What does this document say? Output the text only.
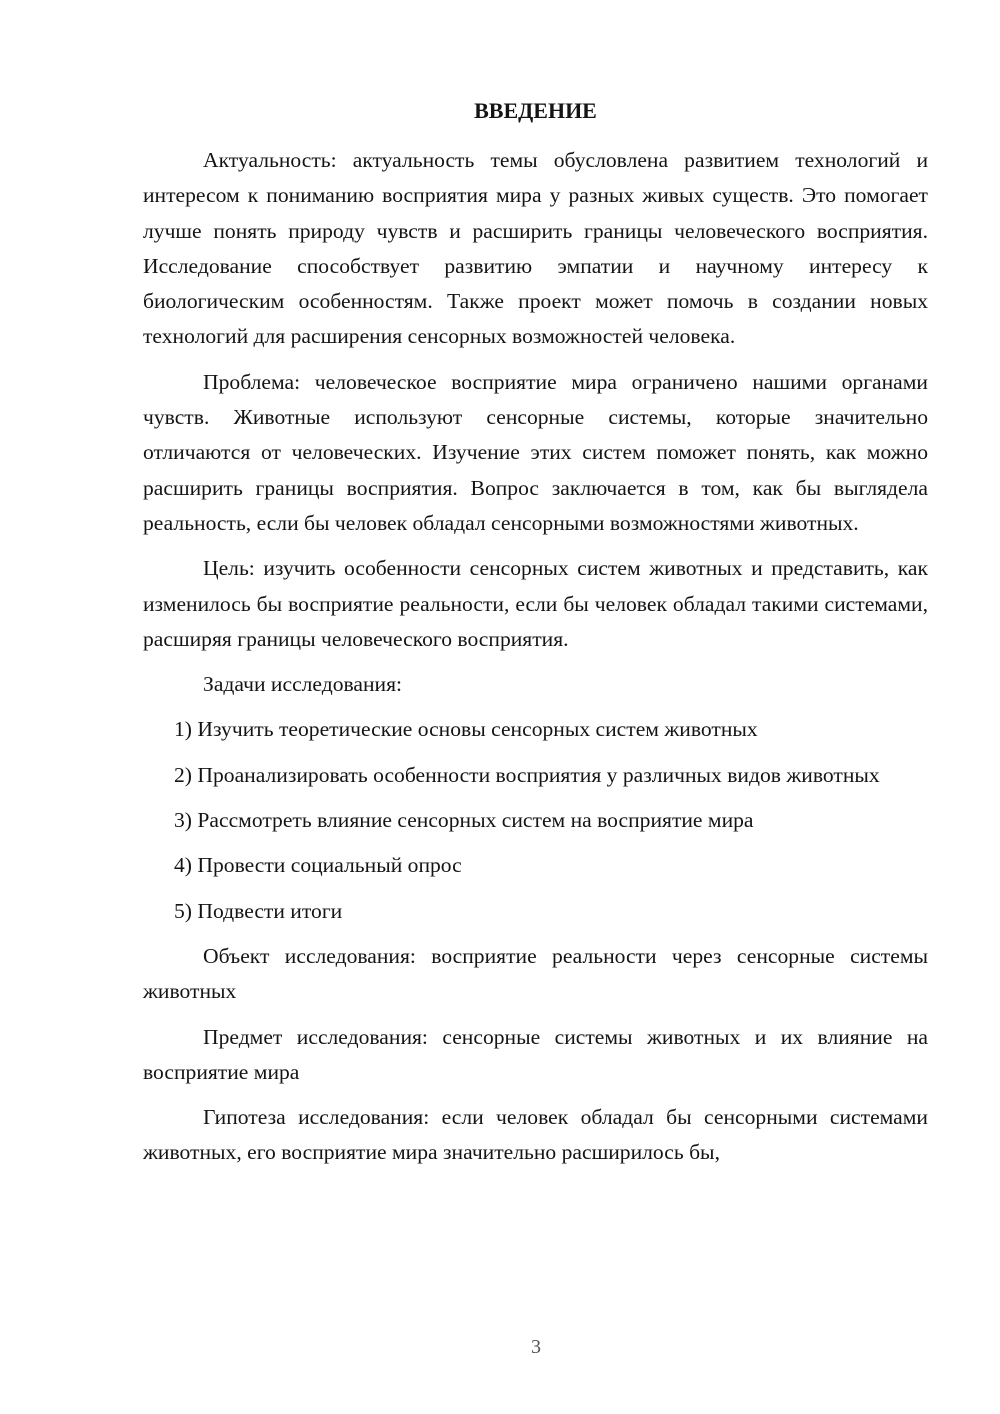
ВВЕДЕНИЕ

Актуальность: актуальность темы обусловлена развитием технологий и интересом к пониманию восприятия мира у разных живых существ. Это помогает лучше понять природу чувств и расширить границы человеческого восприятия. Исследование способствует развитию эмпатии и научному интересу к биологическим особенностям. Также проект может помочь в создании новых технологий для расширения сенсорных возможностей человека.

Проблема: человеческое восприятие мира ограничено нашими органами чувств. Животные используют сенсорные системы, которые значительно отличаются от человеческих. Изучение этих систем поможет понять, как можно расширить границы восприятия. Вопрос заключается в том, как бы выглядела реальность, если бы человек обладал сенсорными возможностями животных.

Цель: изучить особенности сенсорных систем животных и представить, как изменилось бы восприятие реальности, если бы человек обладал такими системами, расширяя границы человеческого восприятия.

Задачи исследования:

1) Изучить теоретические основы сенсорных систем животных

2) Проанализировать особенности восприятия у различных видов животных

3) Рассмотреть влияние сенсорных систем на восприятие мира

4) Провести социальный опрос

5) Подвести итоги

Объект исследования: восприятие реальности через сенсорные системы животных

Предмет исследования: сенсорные системы животных и их влияние на восприятие мира

Гипотеза исследования: если человек обладал бы сенсорными системами животных, его восприятие мира значительно расширилось бы,

3
